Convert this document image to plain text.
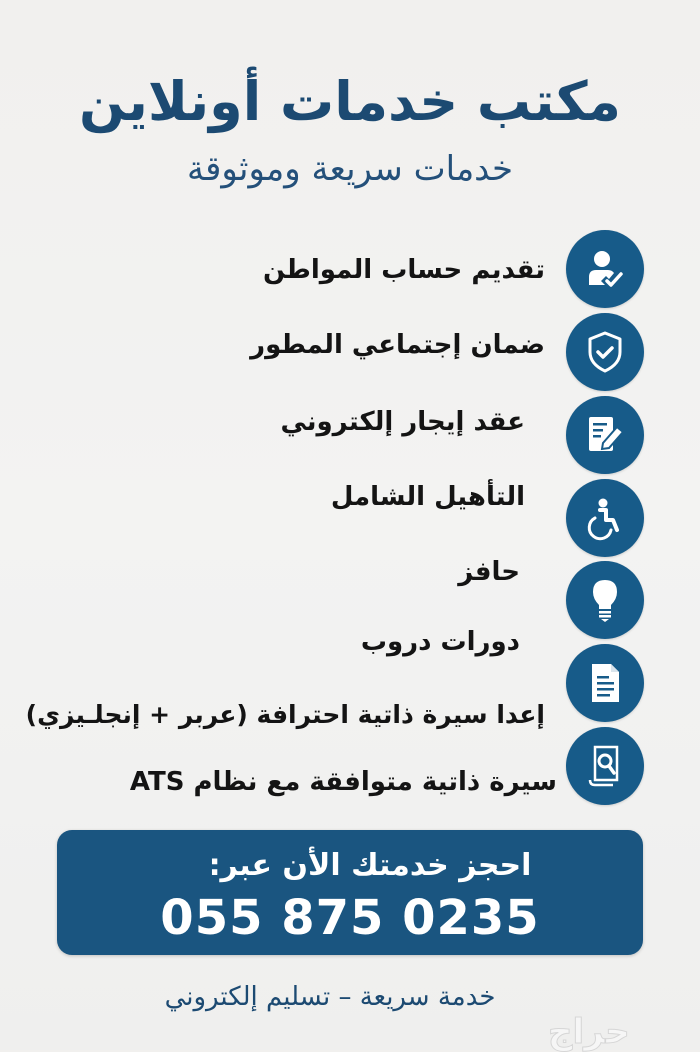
مكتب خدمات أونلاين
خدمات سريعة وموثوقة
تقديم حساب المواطن
ضمان إجتماعي المطور
عقد إيجار إلكتروني
التأهيل الشامل
حافز
دورات دروب
إعدا سيرة ذاتية احترافة (عربر + إنجلـيزي)
سيرة ذاتية متوافقة مع نظام ATS
احجز خدمتك الأن عبر:
055 875 0235
خدمة سريعة – تسليم إلكتروني
حراج
